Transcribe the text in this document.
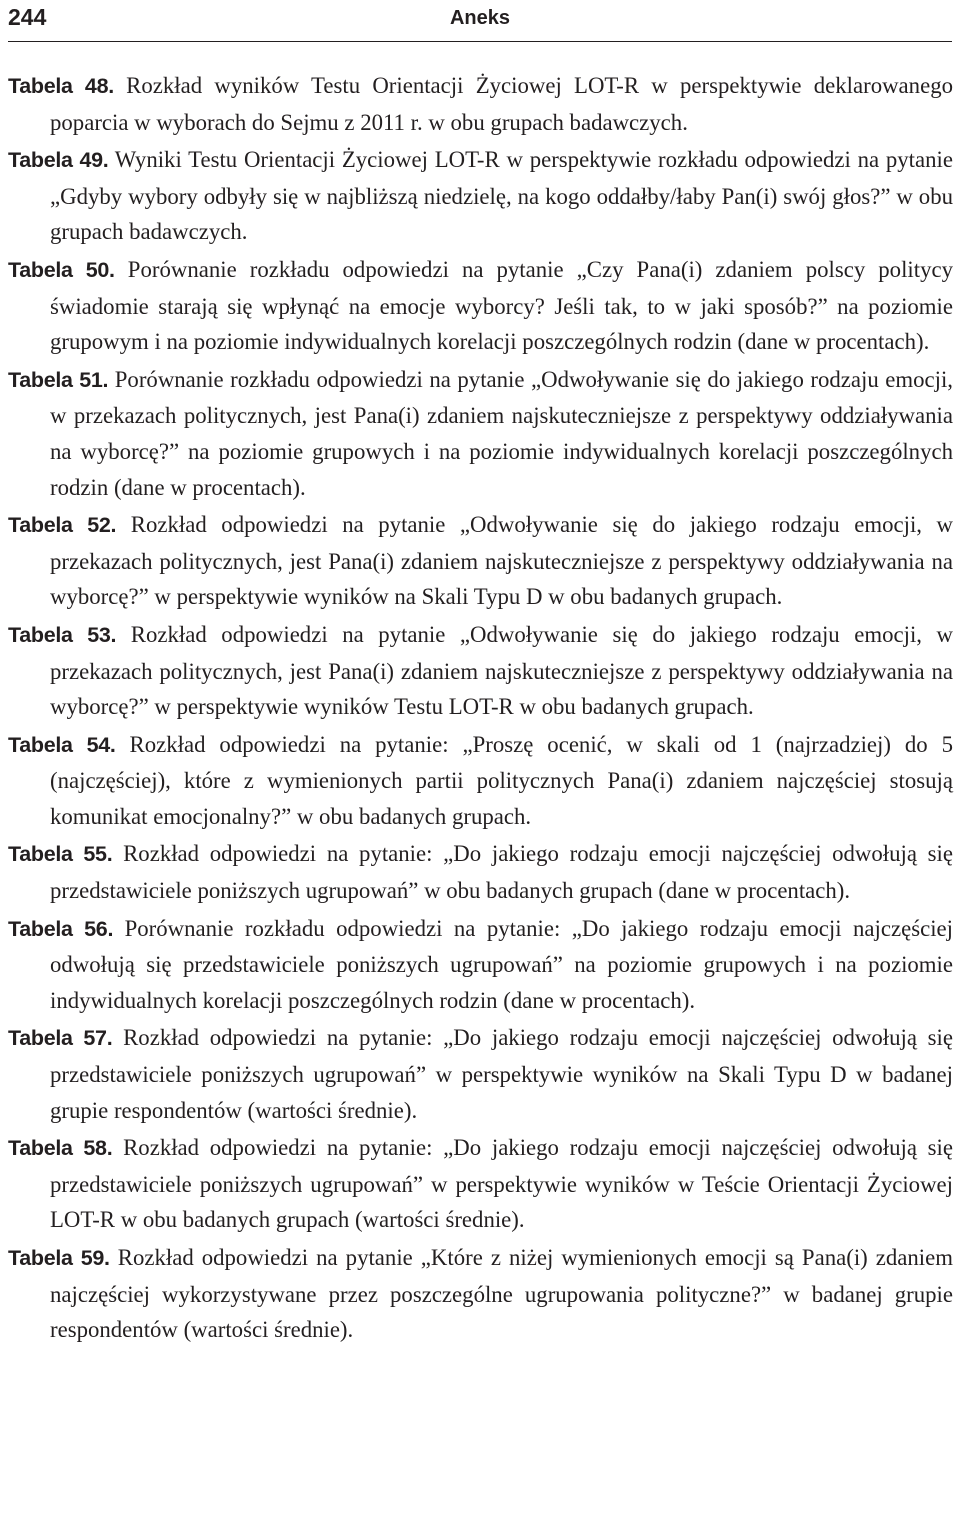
244	Aneks

Tabela 48. Rozkład wyników Testu Orientacji Życiowej LOT-R w perspektywie deklarowanego poparcia w wyborach do Sejmu z 2011 r. w obu grupach badawczych.

Tabela 49. Wyniki Testu Orientacji Życiowej LOT-R w perspektywie rozkładu odpowiedzi na pytanie „Gdyby wybory odbyły się w najbliższą niedzielę, na kogo oddałby/łaby Pan(i) swój głos?” w obu grupach badawczych.

Tabela 50. Porównanie rozkładu odpowiedzi na pytanie „Czy Pana(i) zdaniem polscy politycy świadomie starają się wpłynąć na emocje wyborcy? Jeśli tak, to w jaki sposób?” na poziomie grupowym i na poziomie indywidualnych korelacji poszczególnych rodzin (dane w procentach).

Tabela 51. Porównanie rozkładu odpowiedzi na pytanie „Odwoływanie się do jakiego rodzaju emocji, w przekazach politycznych, jest Pana(i) zdaniem najskuteczniejsze z perspektywy oddziaływania na wyborcę?” na poziomie grupowych i na poziomie indywidualnych korelacji poszczególnych rodzin (dane w procentach).

Tabela 52. Rozkład odpowiedzi na pytanie „Odwoływanie się do jakiego rodzaju emocji, w przekazach politycznych, jest Pana(i) zdaniem najskuteczniejsze z perspektywy oddziaływania na wyborcę?” w perspektywie wyników na Skali Typu D w obu badanych grupach.

Tabela 53. Rozkład odpowiedzi na pytanie „Odwoływanie się do jakiego rodzaju emocji, w przekazach politycznych, jest Pana(i) zdaniem najskuteczniejsze z perspektywy oddziaływania na wyborcę?” w perspektywie wyników Testu LOT-R w obu badanych grupach.

Tabela 54. Rozkład odpowiedzi na pytanie: „Proszę ocenić, w skali od 1 (najrzadziej) do 5 (najczęściej), które z wymienionych partii politycznych Pana(i) zdaniem najczęściej stosują komunikat emocjonalny?” w obu badanych grupach.

Tabela 55. Rozkład odpowiedzi na pytanie: „Do jakiego rodzaju emocji najczęściej odwołują się przedstawiciele poniższych ugrupowań” w obu badanych grupach (dane w procentach).

Tabela 56. Porównanie rozkładu odpowiedzi na pytanie: „Do jakiego rodzaju emocji najczęściej odwołują się przedstawiciele poniższych ugrupowań” na poziomie grupowych i na poziomie indywidualnych korelacji poszczególnych rodzin (dane w procentach).

Tabela 57. Rozkład odpowiedzi na pytanie: „Do jakiego rodzaju emocji najczęściej odwołują się przedstawiciele poniższych ugrupowań” w perspektywie wyników na Skali Typu D w badanej grupie respondentów (wartości średnie).

Tabela 58. Rozkład odpowiedzi na pytanie: „Do jakiego rodzaju emocji najczęściej odwołują się przedstawiciele poniższych ugrupowań” w perspektywie wyników w Teście Orientacji Życiowej LOT-R w obu badanych grupach (wartości średnie).

Tabela 59. Rozkład odpowiedzi na pytanie „Które z niżej wymienionych emocji są Pana(i) zdaniem najczęściej wykorzystywane przez poszczególne ugrupowania polityczne?” w badanej grupie respondentów (wartości średnie).
